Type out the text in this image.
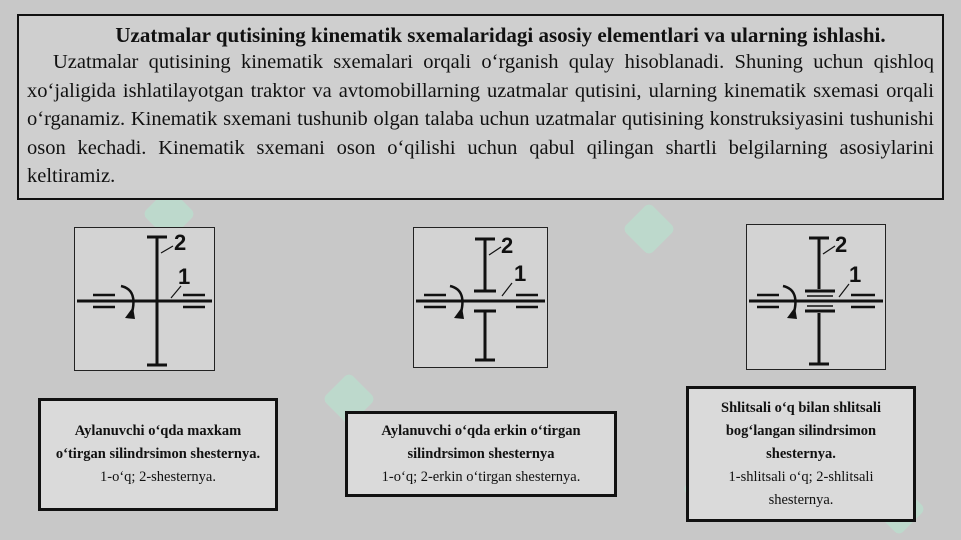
Uzatmalar qutisining kinematik sxemalaridagi asosiy elementlari va ularning ishlashi.

Uzatmalar qutisining kinematik sxemalari orqali o‘rganish qulay hisoblanadi. Shuning uchun qishloq xo‘jaligida ishlatilayotgan traktor va avtomobillarning uzatmalar qutisini, ularning kinematik sxemasi orqali o‘rganamiz. Kinematik sxemani tushunib olgan talaba uchun uzatmalar qutisining konstruksiyasini tushunishi oson kechadi. Kinematik sxemani oson o‘qilishi uchun qabul qilingan shartli belgilarning asosiylarini keltiramiz.

2
1
2
1
2
1
Aylanuvchi o‘qda maxkam o‘tirgan silindrsimon shesternya.
1-o‘q; 2-shesternya.
Aylanuvchi o‘qda erkin o‘tirgan silindrsimon shesternya
1-o‘q; 2-erkin o‘tirgan shesternya.
Shlitsali o‘q bilan shlitsali bog‘langan silindrsimon shesternya.
1-shlitsali o‘q; 2-shlitsali shesternya.
